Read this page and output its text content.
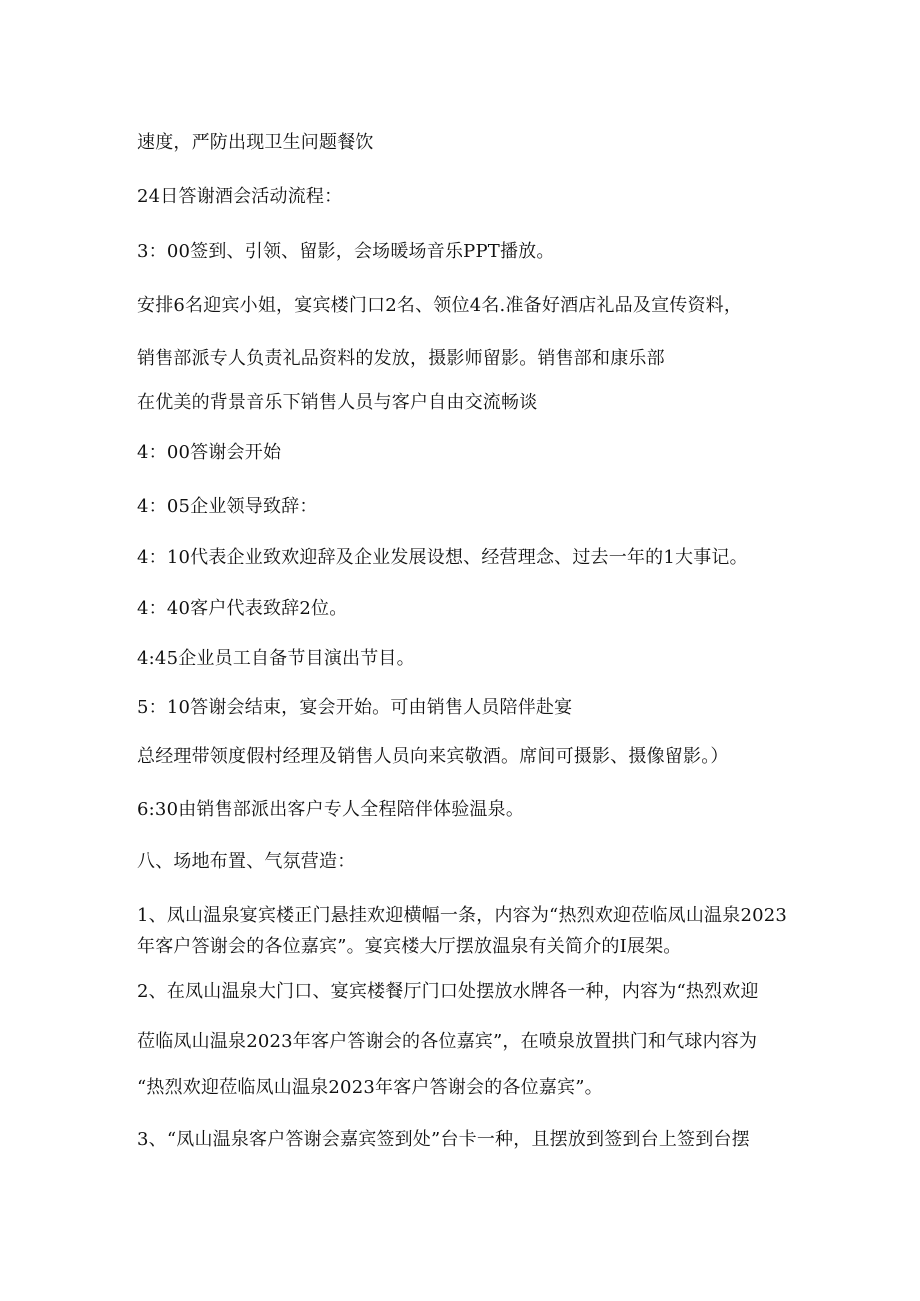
速度，严防出现卫生问题餐饮
24日答谢酒会活动流程：
3：00签到、引领、留影，会场暖场音乐PPT播放。
安排6名迎宾小姐，宴宾楼门口2名、领位4名.准备好酒店礼品及宣传资料，
销售部派专人负责礼品资料的发放，摄影师留影。销售部和康乐部
在优美的背景音乐下销售人员与客户自由交流畅谈
4：00答谢会开始
4：05企业领导致辞：
4：10代表企业致欢迎辞及企业发展设想、经营理念、过去一年的1大事记。
4：40客户代表致辞2位。
4:45企业员工自备节目演出节目。
5：10答谢会结束，宴会开始。可由销售人员陪伴赴宴
总经理带领度假村经理及销售人员向来宾敬酒。席间可摄影、摄像留影。）
6:30由销售部派出客户专人全程陪伴体验温泉。
八、场地布置、气氛营造：
1、凤山温泉宴宾楼正门悬挂欢迎横幅一条，内容为“热烈欢迎莅临凤山温泉2023
年客户答谢会的各位嘉宾”。宴宾楼大厅摆放温泉有关简介的I展架。
2、在凤山温泉大门口、宴宾楼餐厅门口处摆放水牌各一种，内容为“热烈欢迎
莅临凤山温泉2023年客户答谢会的各位嘉宾”，在喷泉放置拱门和气球内容为
“热烈欢迎莅临凤山温泉2023年客户答谢会的各位嘉宾”。
3、“凤山温泉客户答谢会嘉宾签到处”台卡一种，且摆放到签到台上签到台摆
